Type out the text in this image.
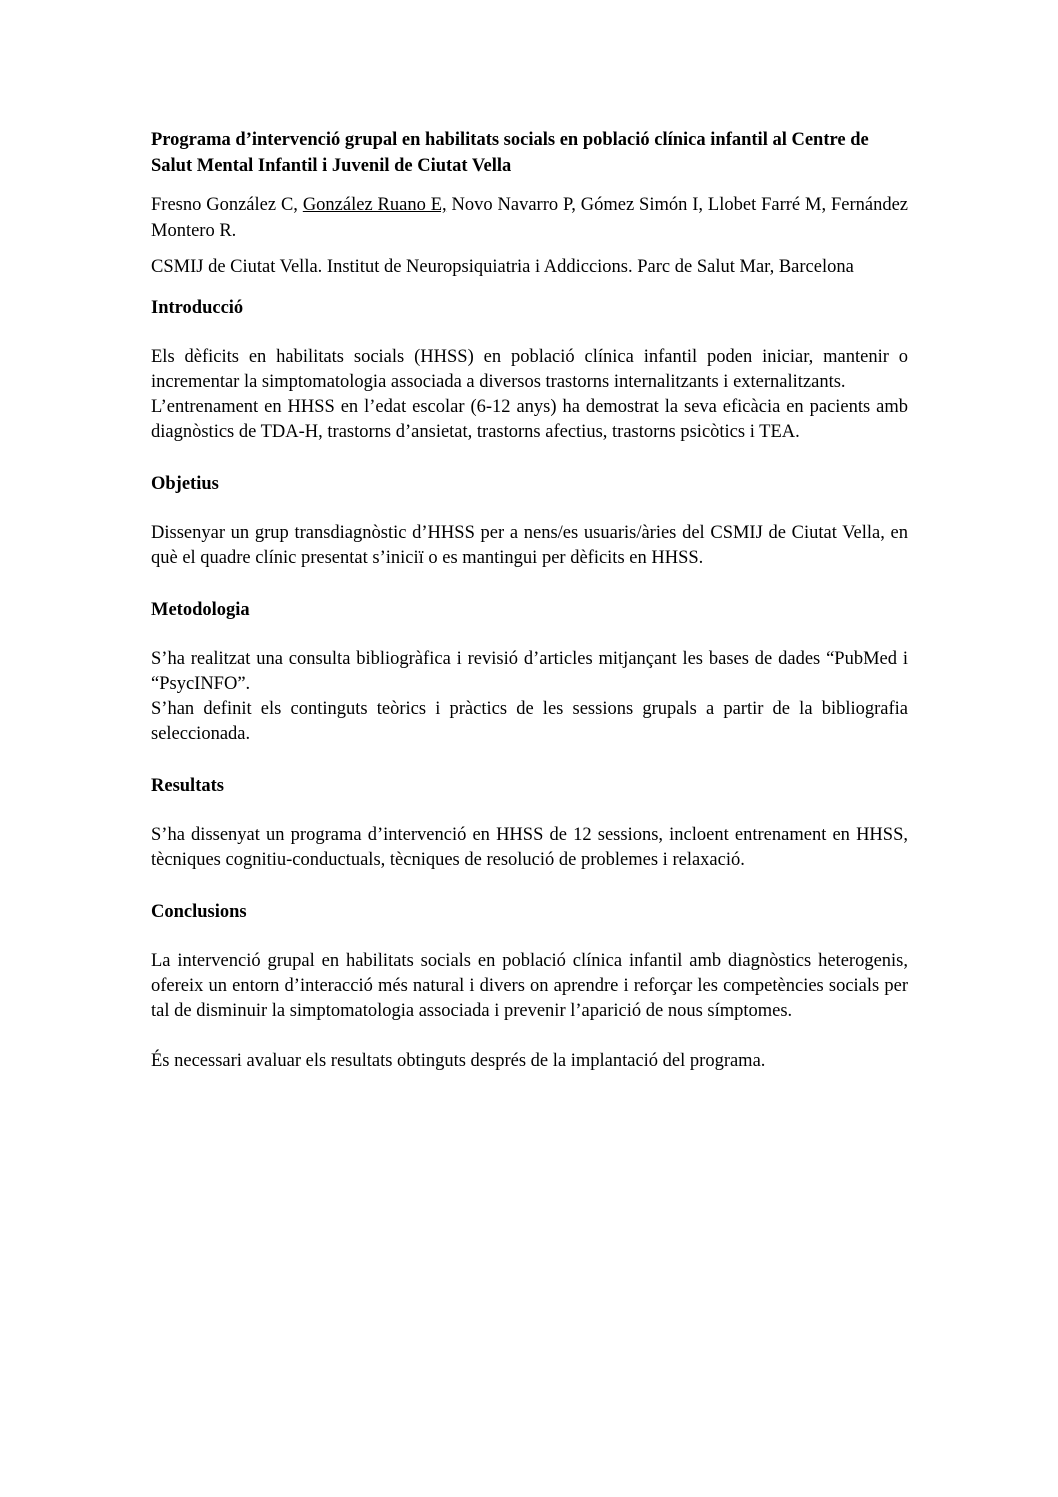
Programa d’intervenció grupal en habilitats socials en població clínica infantil al Centre de Salut Mental Infantil i Juvenil de Ciutat Vella

Fresno González C, González Ruano E, Novo Navarro P, Gómez Simón I, Llobet Farré M, Fernández Montero R.

CSMIJ de Ciutat Vella. Institut de Neuropsiquiatria i Addiccions. Parc de Salut Mar, Barcelona

Introducció

Els dèficits en habilitats socials (HHSS) en població clínica infantil poden iniciar, mantenir o incrementar la simptomatologia associada a diversos trastorns internalitzants i externalitzants.

L’entrenament en HHSS en l’edat escolar (6-12 anys) ha demostrat la seva eficàcia en pacients amb diagnòstics de TDA-H, trastorns d’ansietat, trastorns afectius, trastorns psicòtics i TEA.

Objetius

Dissenyar un grup transdiagnòstic d’HHSS per a nens/es usuaris/àries del CSMIJ de Ciutat Vella, en què el quadre clínic presentat s’iniciï o es mantingui per dèficits en HHSS.

Metodologia

S’ha realitzat una consulta bibliogràfica i revisió d’articles mitjançant les bases de dades “PubMed i “PsycINFO”.

S’han definit els continguts teòrics i pràctics de les sessions grupals a partir de la bibliografia seleccionada.

Resultats

S’ha dissenyat un programa d’intervenció en HHSS de 12 sessions, incloent entrenament en HHSS, tècniques cognitiu-conductuals, tècniques de resolució de problemes i relaxació.

Conclusions

La intervenció grupal en habilitats socials en població clínica infantil amb diagnòstics heterogenis, ofereix un entorn d’interacció més natural i divers on aprendre i reforçar les competències socials per tal de disminuir la simptomatologia associada i prevenir l’aparició de nous símptomes.

És necessari avaluar els resultats obtinguts després de la implantació del programa.
